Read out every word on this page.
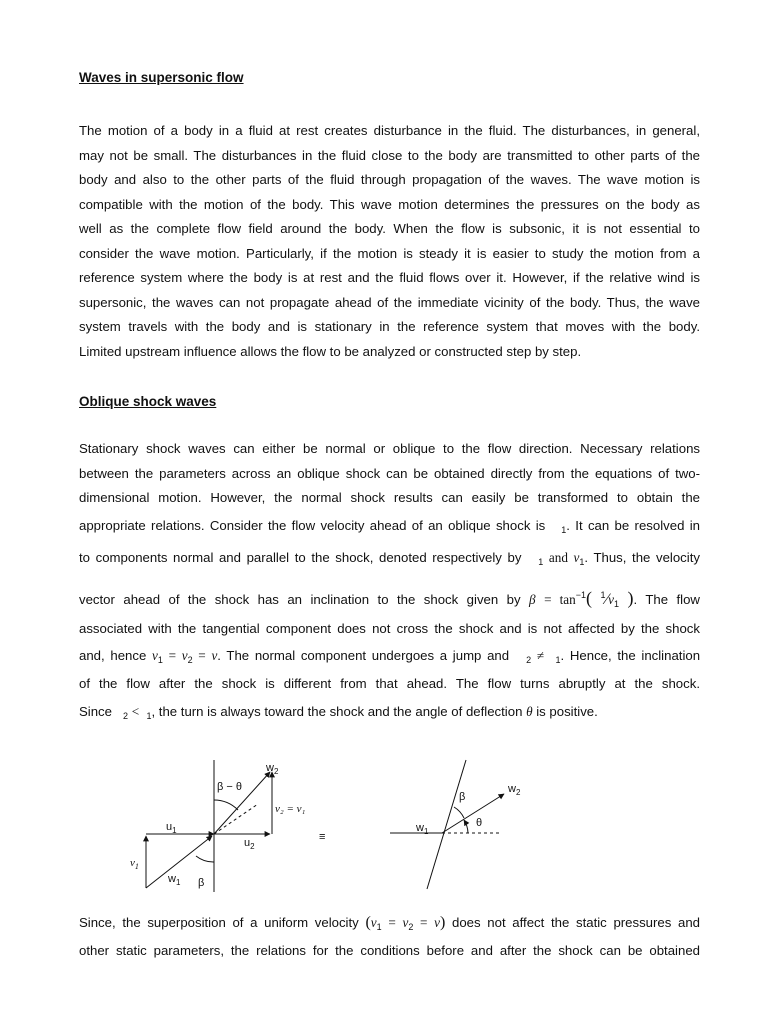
Waves in supersonic flow
The motion of a body in a fluid at rest creates disturbance in the fluid. The disturbances, in general,
may not be small. The disturbances in the fluid close to the body are transmitted to other parts of the
body and also to the other parts of the fluid through propagation of the waves. The wave motion is
compatible with the motion of the body. This wave motion determines the pressures on the body as
well as the complete flow field around the body. When the flow is subsonic, it is not essential to
consider the wave motion. Particularly, if the motion is steady it is easier to study the motion from a
reference system where the body is at rest and the fluid flows over it. However, if the relative wind is
supersonic, the waves can not propagate ahead of the immediate vicinity of the body. Thus, the wave
system travels with the body and is stationary in the reference system that moves with the body.
Limited upstream influence allows the flow to be analyzed or constructed step by step.
Oblique shock waves
Stationary shock waves can either be normal or oblique to the flow direction. Necessary relations
between the parameters across an oblique shock can be obtained directly from the equations of two-
dimensional motion. However, the normal shock results can easily be transformed to obtain the
appropriate relations. Consider the flow velocity ahead of an oblique shock is $_1$. It can be resolved in
to components normal and parallel to the shock, denoted respectively by $_1$ and $v_1$. Thus, the velocity
vector ahead of the shock has an inclination to the shock given by $\beta = \tan^{-1}$( $^1⁄v_1$ ). The flow
associated with the tangential component does not cross the shock and is not affected by the shock
and, hence $v_1 = v_2 = v$. The normal component undergoes a jump and $_2$ ≠ $_1$. Hence, the inclination
of the flow after the shock is different from that ahead. The flow turns abruptly at the shock.
Since $_2$ < $_1$, the turn is always toward the shock and the angle of deflection θ is positive.
$w_2$
β − θ
v₂ = v₁
$u_1$
$u_2$
$v_1$
$w_1$ β
≡
β
$w_2$
$w_1$
θ
Since, the superposition of a uniform velocity $(v_1 = v_2 = v)$ does not affect the static pressures and
other static parameters, the relations for the conditions before and after the shock can be obtained
